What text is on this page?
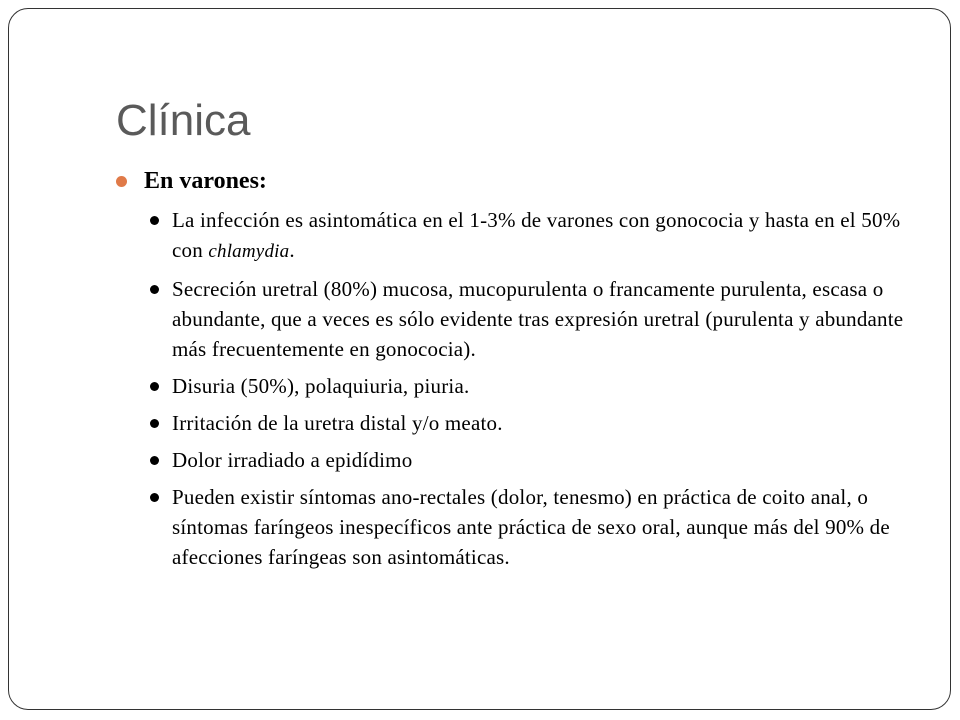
Clínica
En varones:
La infección es asintomática en el 1-3% de varones con gonococia y hasta en el 50% con chlamydia.
Secreción uretral (80%) mucosa, mucopurulenta o francamente purulenta, escasa o abundante, que a veces es sólo evidente tras expresión uretral (purulenta y abundante más frecuentemente en gonococia).
Disuria (50%), polaquiuria, piuria.
Irritación de la uretra distal y/o meato.
Dolor irradiado a epidídimo
Pueden existir síntomas ano-rectales (dolor, tenesmo) en práctica de coito anal, o síntomas faríngeos inespecíficos ante práctica de sexo oral, aunque más del 90% de afecciones faríngeas son asintomáticas.
